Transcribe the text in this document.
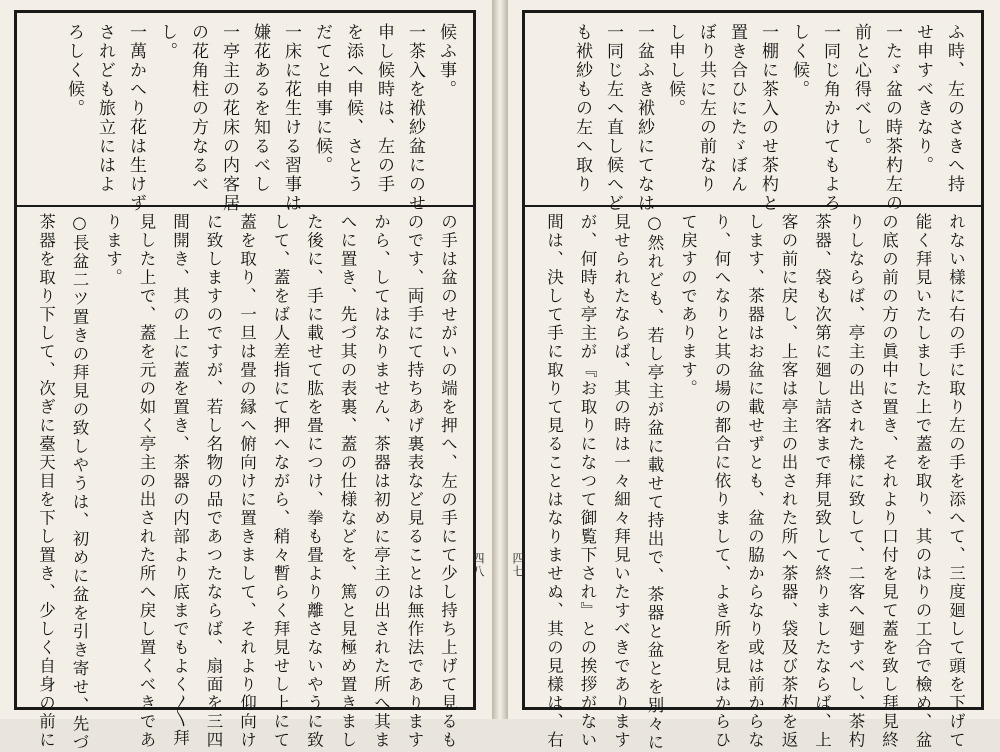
候ふ事。
一茶入を袱紗盆にのせ
申し候時は、左の手
を添へ申候、さとう
だてと申事に候。
一床に花生ける習事は
嫌花あるを知るべし
一亭主の花床の内客居
の花角柱の方なるべ
し。
一萬かへり花は生けず
されども旅立にはよ
ろしく候。
の手は盆のせがいの端を押へ、左の手にて少し持ち上げて見るも
のです、両手にて持ちあげ裏表など見ることは無作法であります
から、してはなりません、茶器は初めに亭主の出された所へ其ま
へに置き、先づ其の表裏、蓋の仕様などを、篤と見極め置きまし
た後に、手に載せて肱を畳につけ、拳も畳より離さないやうに致
して、蓋をば人差指にて押へながら、稍々暫らく拜見せし上にて
蓋を取り、一旦は畳の縁へ俯向けに置きまして、それより仰向け
に致しますのですが、若し名物の品であつたならば、扇面を三四
間開き、其の上に蓋を置き、茶器の内部より底までもよく〳〵拜
見した上で、蓋を元の如く亭主の出された所へ戻し置くべきであ
ります。
○長盆二ツ置きの拜見の致しやうは、初めに盆を引き寄せ、先づ
茶器を取り下して、次ぎに臺天目を下し置き、少しく自身の前に	四八
ふ時、左のさきへ持
せ申すべきなり。
一たゞ盆の時茶杓左の
前と心得べし。
一同じ角かけてもよろ
しく候。
一棚に茶入のせ茶杓と
置き合ひにたゞぼん
ぼり共に左の前なり
し申し候。
一盆ふき袱紗にてなは
一同じ左へ直し候へど
も袱紗もの左へ取り
れない樣に右の手に取り左の手を添へて、三度廻して頭を下げて
能く拜見いたしました上で蓋を取り、其のはりの工合で檢め、盆
の底の前の方の眞中に置き、それより口付を見て蓋を致し拜見終
りしならば、亭主の出された樣に致して、二客へ廻すべし、茶杓
茶器、袋も次第に廻し詰客まで拜見致して終りましたならば、上
客の前に戻し、上客は亭主の出された所へ茶器、袋及び茶杓を返
します、茶器はお盆に載せずとも、盆の脇からなり或は前からな
り、何へなりと其の場の都合に依りまして、よき所を見はからひ
て戻すのであります。
○然れども、若し亭主が盆に載せて持出で、茶器と盆とを別々に
見せられたならば、其の時は一々細々拜見いたすべきであります
が、何時も亭主が『お取りになつて御覧下され』との挨拶がない
間は、決して手に取りて見ることはなりませぬ、其の見樣は、右
四七
